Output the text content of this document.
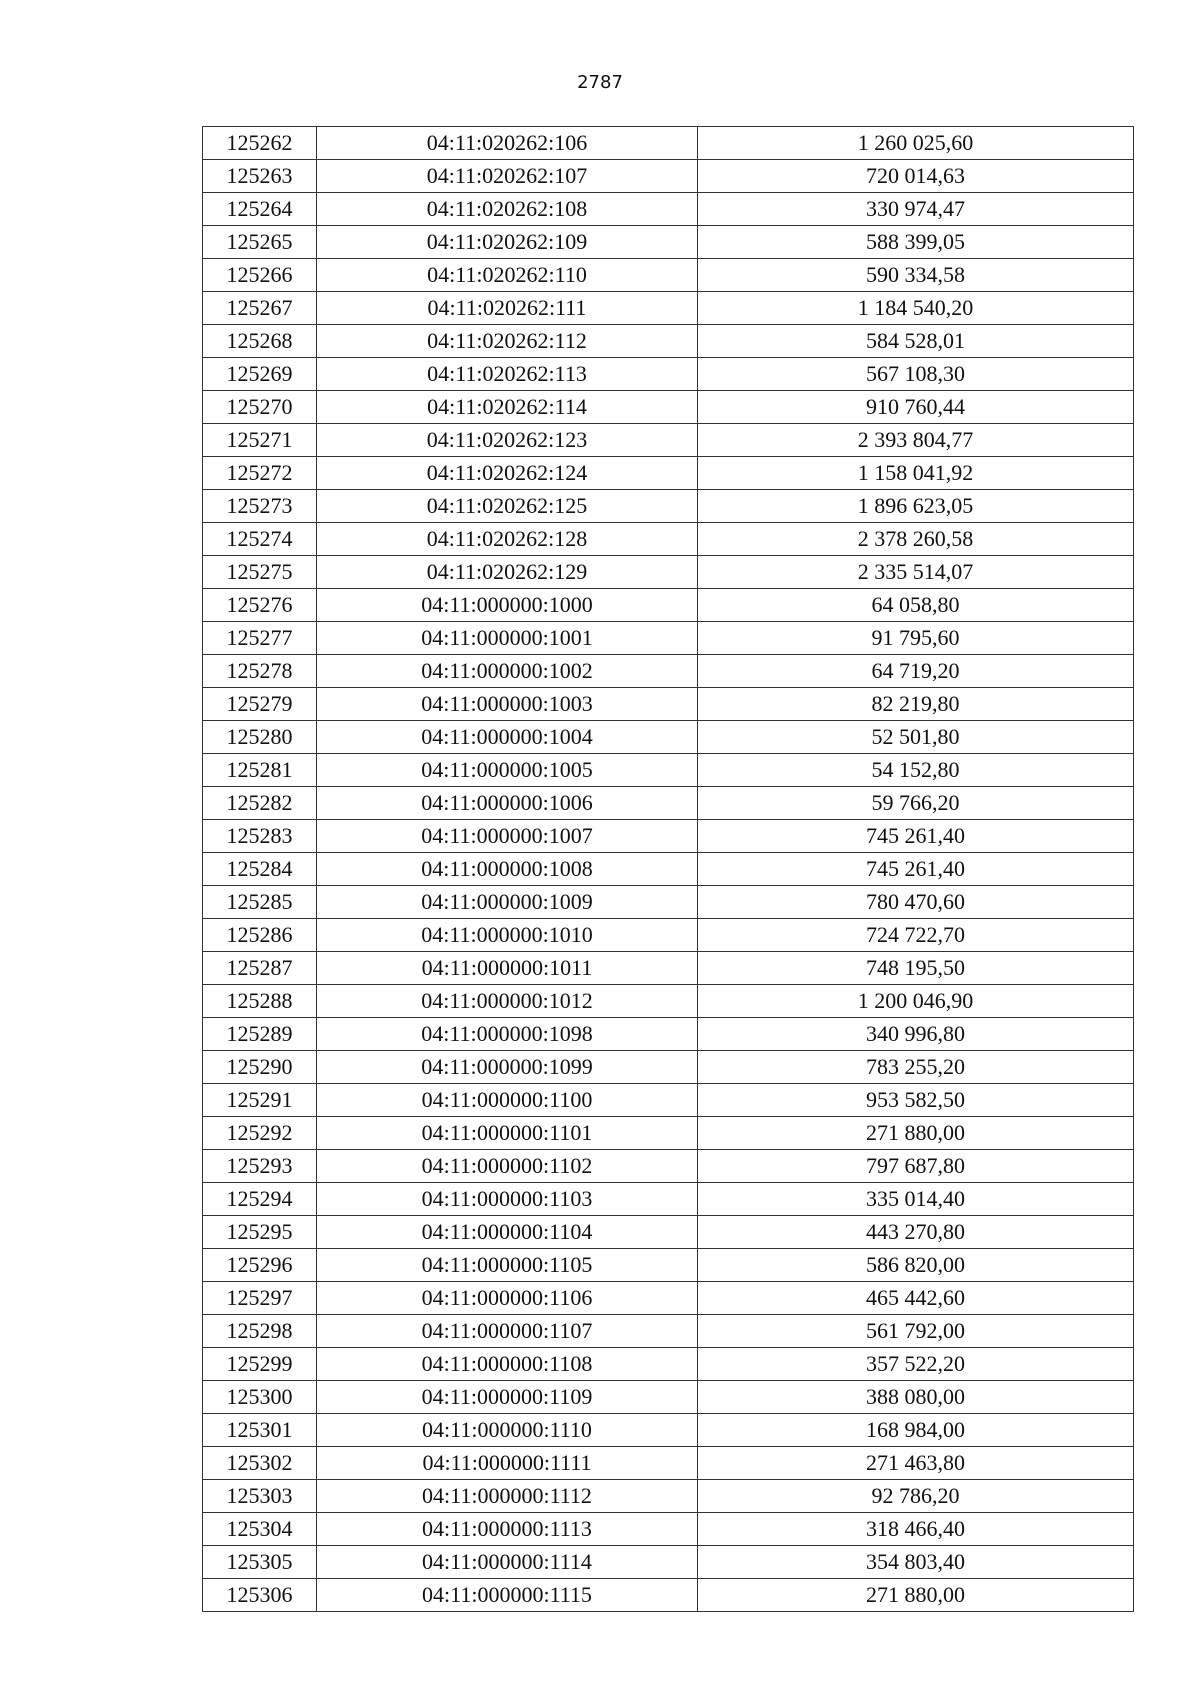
2787
125262	04:11:020262:106	1 260 025,60
125263	04:11:020262:107	720 014,63
125264	04:11:020262:108	330 974,47
125265	04:11:020262:109	588 399,05
125266	04:11:020262:110	590 334,58
125267	04:11:020262:111	1 184 540,20
125268	04:11:020262:112	584 528,01
125269	04:11:020262:113	567 108,30
125270	04:11:020262:114	910 760,44
125271	04:11:020262:123	2 393 804,77
125272	04:11:020262:124	1 158 041,92
125273	04:11:020262:125	1 896 623,05
125274	04:11:020262:128	2 378 260,58
125275	04:11:020262:129	2 335 514,07
125276	04:11:000000:1000	64 058,80
125277	04:11:000000:1001	91 795,60
125278	04:11:000000:1002	64 719,20
125279	04:11:000000:1003	82 219,80
125280	04:11:000000:1004	52 501,80
125281	04:11:000000:1005	54 152,80
125282	04:11:000000:1006	59 766,20
125283	04:11:000000:1007	745 261,40
125284	04:11:000000:1008	745 261,40
125285	04:11:000000:1009	780 470,60
125286	04:11:000000:1010	724 722,70
125287	04:11:000000:1011	748 195,50
125288	04:11:000000:1012	1 200 046,90
125289	04:11:000000:1098	340 996,80
125290	04:11:000000:1099	783 255,20
125291	04:11:000000:1100	953 582,50
125292	04:11:000000:1101	271 880,00
125293	04:11:000000:1102	797 687,80
125294	04:11:000000:1103	335 014,40
125295	04:11:000000:1104	443 270,80
125296	04:11:000000:1105	586 820,00
125297	04:11:000000:1106	465 442,60
125298	04:11:000000:1107	561 792,00
125299	04:11:000000:1108	357 522,20
125300	04:11:000000:1109	388 080,00
125301	04:11:000000:1110	168 984,00
125302	04:11:000000:1111	271 463,80
125303	04:11:000000:1112	92 786,20
125304	04:11:000000:1113	318 466,40
125305	04:11:000000:1114	354 803,40
125306	04:11:000000:1115	271 880,00
